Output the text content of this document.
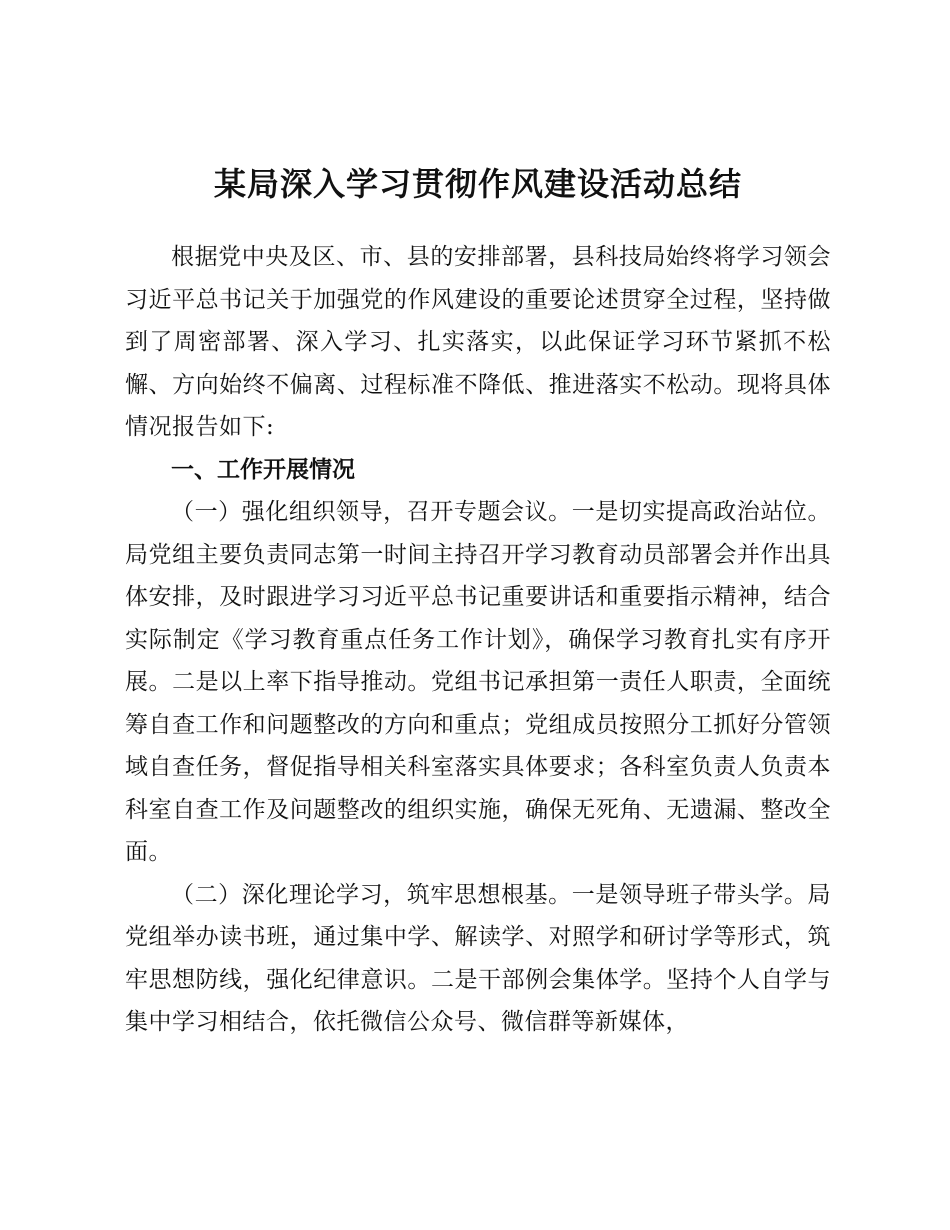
某局深入学习贯彻作风建设活动总结

根据党中央及区、市、县的安排部署，县科技局始终将学习领会习近平总书记关于加强党的作风建设的重要论述贯穿全过程，坚持做到了周密部署、深入学习、扎实落实，以此保证学习环节紧抓不松懈、方向始终不偏离、过程标准不降低、推进落实不松动。现将具体情况报告如下:

一、工作开展情况

（一）强化组织领导，召开专题会议。一是切实提高政治站位。局党组主要负责同志第一时间主持召开学习教育动员部署会并作出具体安排，及时跟进学习习近平总书记重要讲话和重要指示精神，结合实际制定《学习教育重点任务工作计划》，确保学习教育扎实有序开展。二是以上率下指导推动。党组书记承担第一责任人职责，全面统筹自查工作和问题整改的方向和重点；党组成员按照分工抓好分管领域自查任务，督促指导相关科室落实具体要求；各科室负责人负责本科室自查工作及问题整改的组织实施，确保无死角、无遗漏、整改全面。

（二）深化理论学习，筑牢思想根基。一是领导班子带头学。局党组举办读书班，通过集中学、解读学、对照学和研讨学等形式，筑牢思想防线，强化纪律意识。二是干部例会集体学。坚持个人自学与集中学习相结合，依托微信公众号、微信群等新媒体，
